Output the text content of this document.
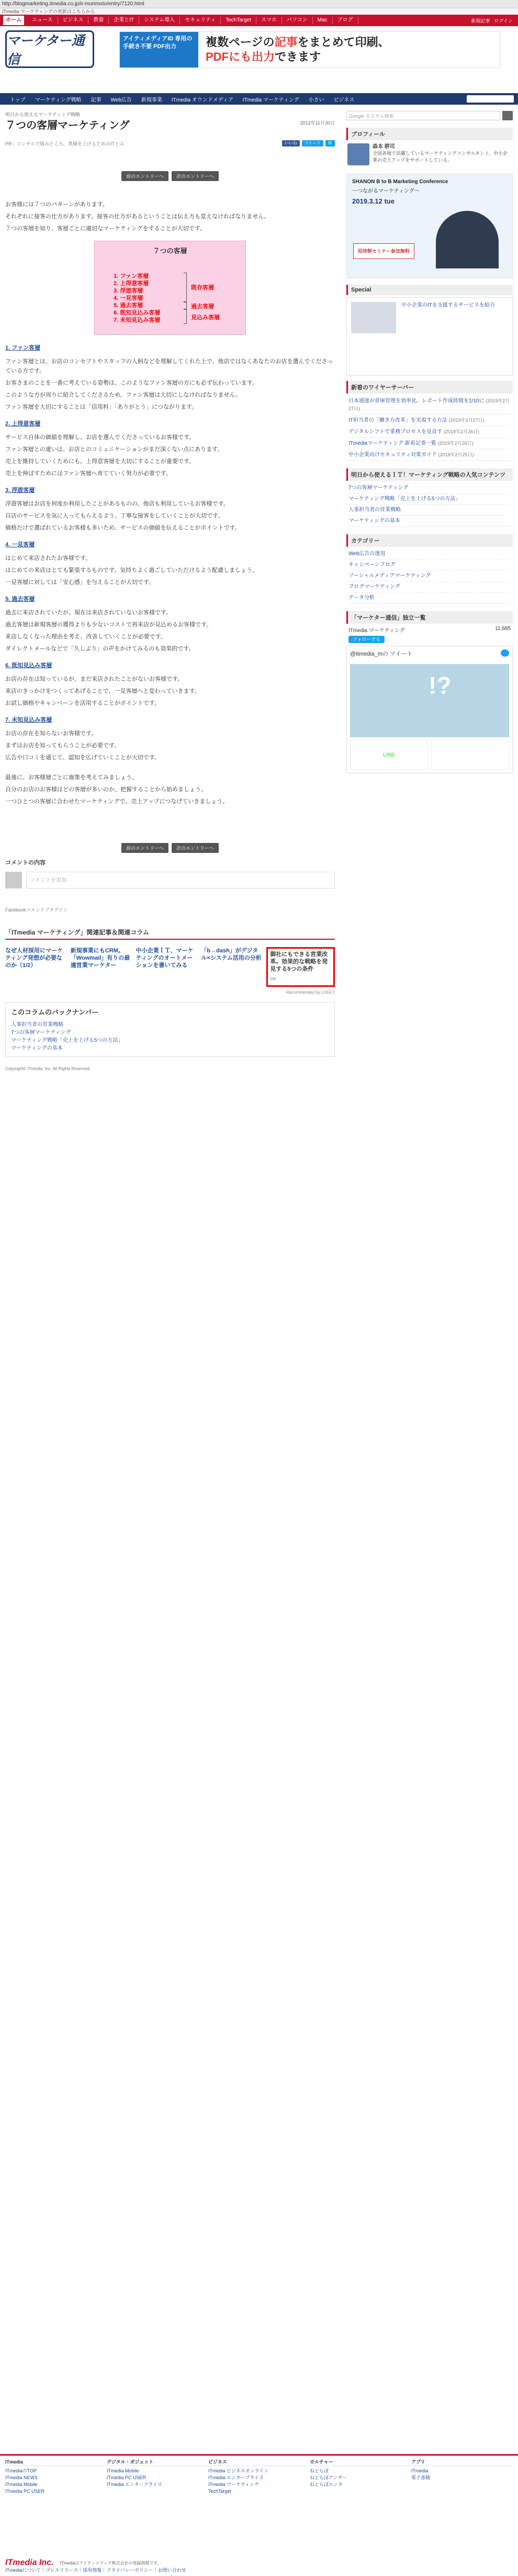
http://blogmarketing.itmedia.co.jp/ir-morimoto/entry/7120.html
ITmedia マーケティングの更新はこちらから
ホーム	ニュース	ビジネス	教養	企業とIT	システム導入	セキュリティ	TechTarget	スマホ	パソコン	Mac	ブログ	新規記事 ログイン
マーケター通信
アイティメディアID 専用の手続き不要 PDF出力	複数ページの記事をまとめて印刷、
PDFにも出力できます
トップ	マーケティング戦略	記事	Web広告	新規事業	ITmedia オウンドメディア	ITmedia マーケティング	小さい	ビジネス
明日から使えるマーケティング戦略
７つの客層マーケティング	2012年11月30日
PR｜コンサルで悩みどころ、業績を上げるためのITとは	いいね	ツイート	B!
前のエントリーへ	次のエントリーへ

お客様には７つのパターンがあります。

それぞれに接客の仕方があります。接客の仕方があるということは伝え方も変えなければなりません。

７つの客層を知り、客層ごとに適切なマーケティングをすることが大切です。

７つの客層
1. ファン客層
2. 上得意客層
3. 浮遊客層
4. 一見客層
5. 過去客層
6. 既知見込み客層
7. 未知見込み客層
既存客層
過去客層
見込み客層
1. ファン客層

ファン客層とは、お店のコンセプトやスタッフの人柄などを理解してくれた上で、他店ではなくあなたのお店を選んでくださっている方です。

お客さまのことを一番に考えている姿勢は、このようなファン客層の方にも必ず伝わっています。

このような方が周りに紹介してくださるため、ファン客層は大切にしなければなりません。

ファン客層を大切にすることは「信用料」「ありがとう」につながります。

2. 上得意客層

サービス自体の価値を理解し、お店を選んでくださっているお客様です。

ファン客層との違いは、お店とのコミュニケーションがまだ深くない点にあります。

売上を維持していくためにも、上得意客層を大切にすることが重要です。

売上を伸ばすためにはファン客層へ育てていく努力が必要です。

3. 浮遊客層

浮遊客層はお店を何度か利用したことがあるものの、他店も利用しているお客様です。

自店のサービスを気に入ってもらえるよう、丁寧な接客をしていくことが大切です。

価格だけで選ばれているお客様も多いため、サービスの価値を伝えることがポイントです。

4. 一見客層

はじめて来店されたお客様です。

はじめての来店はとても緊張するものです。気持ちよく過ごしていただけるよう配慮しましょう。

一見客層に対しては「安心感」を与えることが大切です。

5. 過去客層

過去に来店されていたが、現在は来店されていないお客様です。

過去客層は新規客層の獲得よりも少ないコストで再来店が見込めるお客様です。

来店しなくなった理由を考え、改善していくことが必要です。

ダイレクトメールなどで「久しぶり」の声をかけてみるのも効果的です。

6. 既知見込み客層

お店の存在は知っているが、まだ来店されたことがないお客様です。

来店のきっかけをつくってあげることで、一見客層へと変わっていきます。

お試し価格やキャンペーンを活用することがポイントです。

7. 未知見込み客層

お店の存在を知らないお客様です。

まずはお店を知ってもらうことが必要です。

広告や口コミを通じて、認知を広げていくことが大切です。

最後に、お客様層ごとに施策を考えてみましょう。

自分のお店のお客様はどの客層が多いのか、把握することから始めましょう。

一つひとつの客層に合わせたマーケティングで、売上アップにつなげていきましょう。

前のエントリーへ	次のエントリーへ
コメントの内容
コメントを追加
Facebookコメントプラグイン
「ITmedia マーケティング」関連記事＆関連コラム
なぜ人材採用にマーケティング発想が必要なのか（1/2）
新規事業にもCRM。「Wowmail」有りの最適営業マーケター
中小企業ＩＴ、マーケティングのオートメーションを書いてみる
「b→dash」がデジタル×システム活用の分析
御社にもできる営業改革。効果的な戦略を発見する5つの条件
PR
Recommended by LOGLY
このコラムのバックナンバー
人事担当者の営業戦略
7つの客層マーケティング
マーケティング戦略「売上を上げる5つの方法」
マーケティングの基本
Copyright© ITmedia, Inc. All Rights Reserved.
Google カスタム検索
プロフィール
森本 耕司
全国各地で活躍しているマーケティングコンサルタント。中小企業の売上アップをサポートしている。
SHANON B to B Marketing Conference
〜つながるマーケティング〜
2019.3.12 tue
招待制セミナー参加無料
Special
中小企業のITを支援するサービスを紹介
新着のワイヤーサーバー
日本通運が倉庫管理を効率化。レポート作成時間を1/10に (2019年2月27日)
IT担当者の「働き方改革」を実現する方法 (2019年2月27日)
デジタルシフトで業務プロセスを見直す (2019年2月26日)
ITmediaマーケティング 新着記事一覧 (2019年2月26日)
中小企業向けセキュリティ対策ガイド (2019年2月25日)
明日から使えるＩＴ！マーケティング戦略の人気コンテンツ
7つの客層マーケティング
マーケティング戦略「売上を上げる5つの方法」
人事担当者の営業戦略
マーケティングの基本
カテゴリー
Web広告の運用
キャンペーンブログ
ソーシャルメディアマーケティング
ブログマーケティング
データ分析
「マーケター通信」独立一覧
ITmedia マーケティング	11,685
フォローする
@itmedia_mの ツイート
!?
LINE
ITmedia
ITmediaのTOP
ITmedia NEWS
ITmedia Mobile
ITmedia PC USER
デジタル・ガジェット
ITmedia Mobile
ITmedia PC USER
ITmedia エンタープライズ
ビジネス
ITmedia ビジネスオンライン
ITmedia エンタープライズ
ITmedia マーケティング
TechTarget
カルチャー
ねとらぼ
ねとらぼアンサー
ねとらぼエンタ
アプリ
ITmedia
電子書籍
ITmedia Inc. ITmediaはアイティメディア株式会社の登録商標です。
ITmediaについて｜プレスリリース｜採用情報｜プライバシーポリシー｜お問い合わせ
